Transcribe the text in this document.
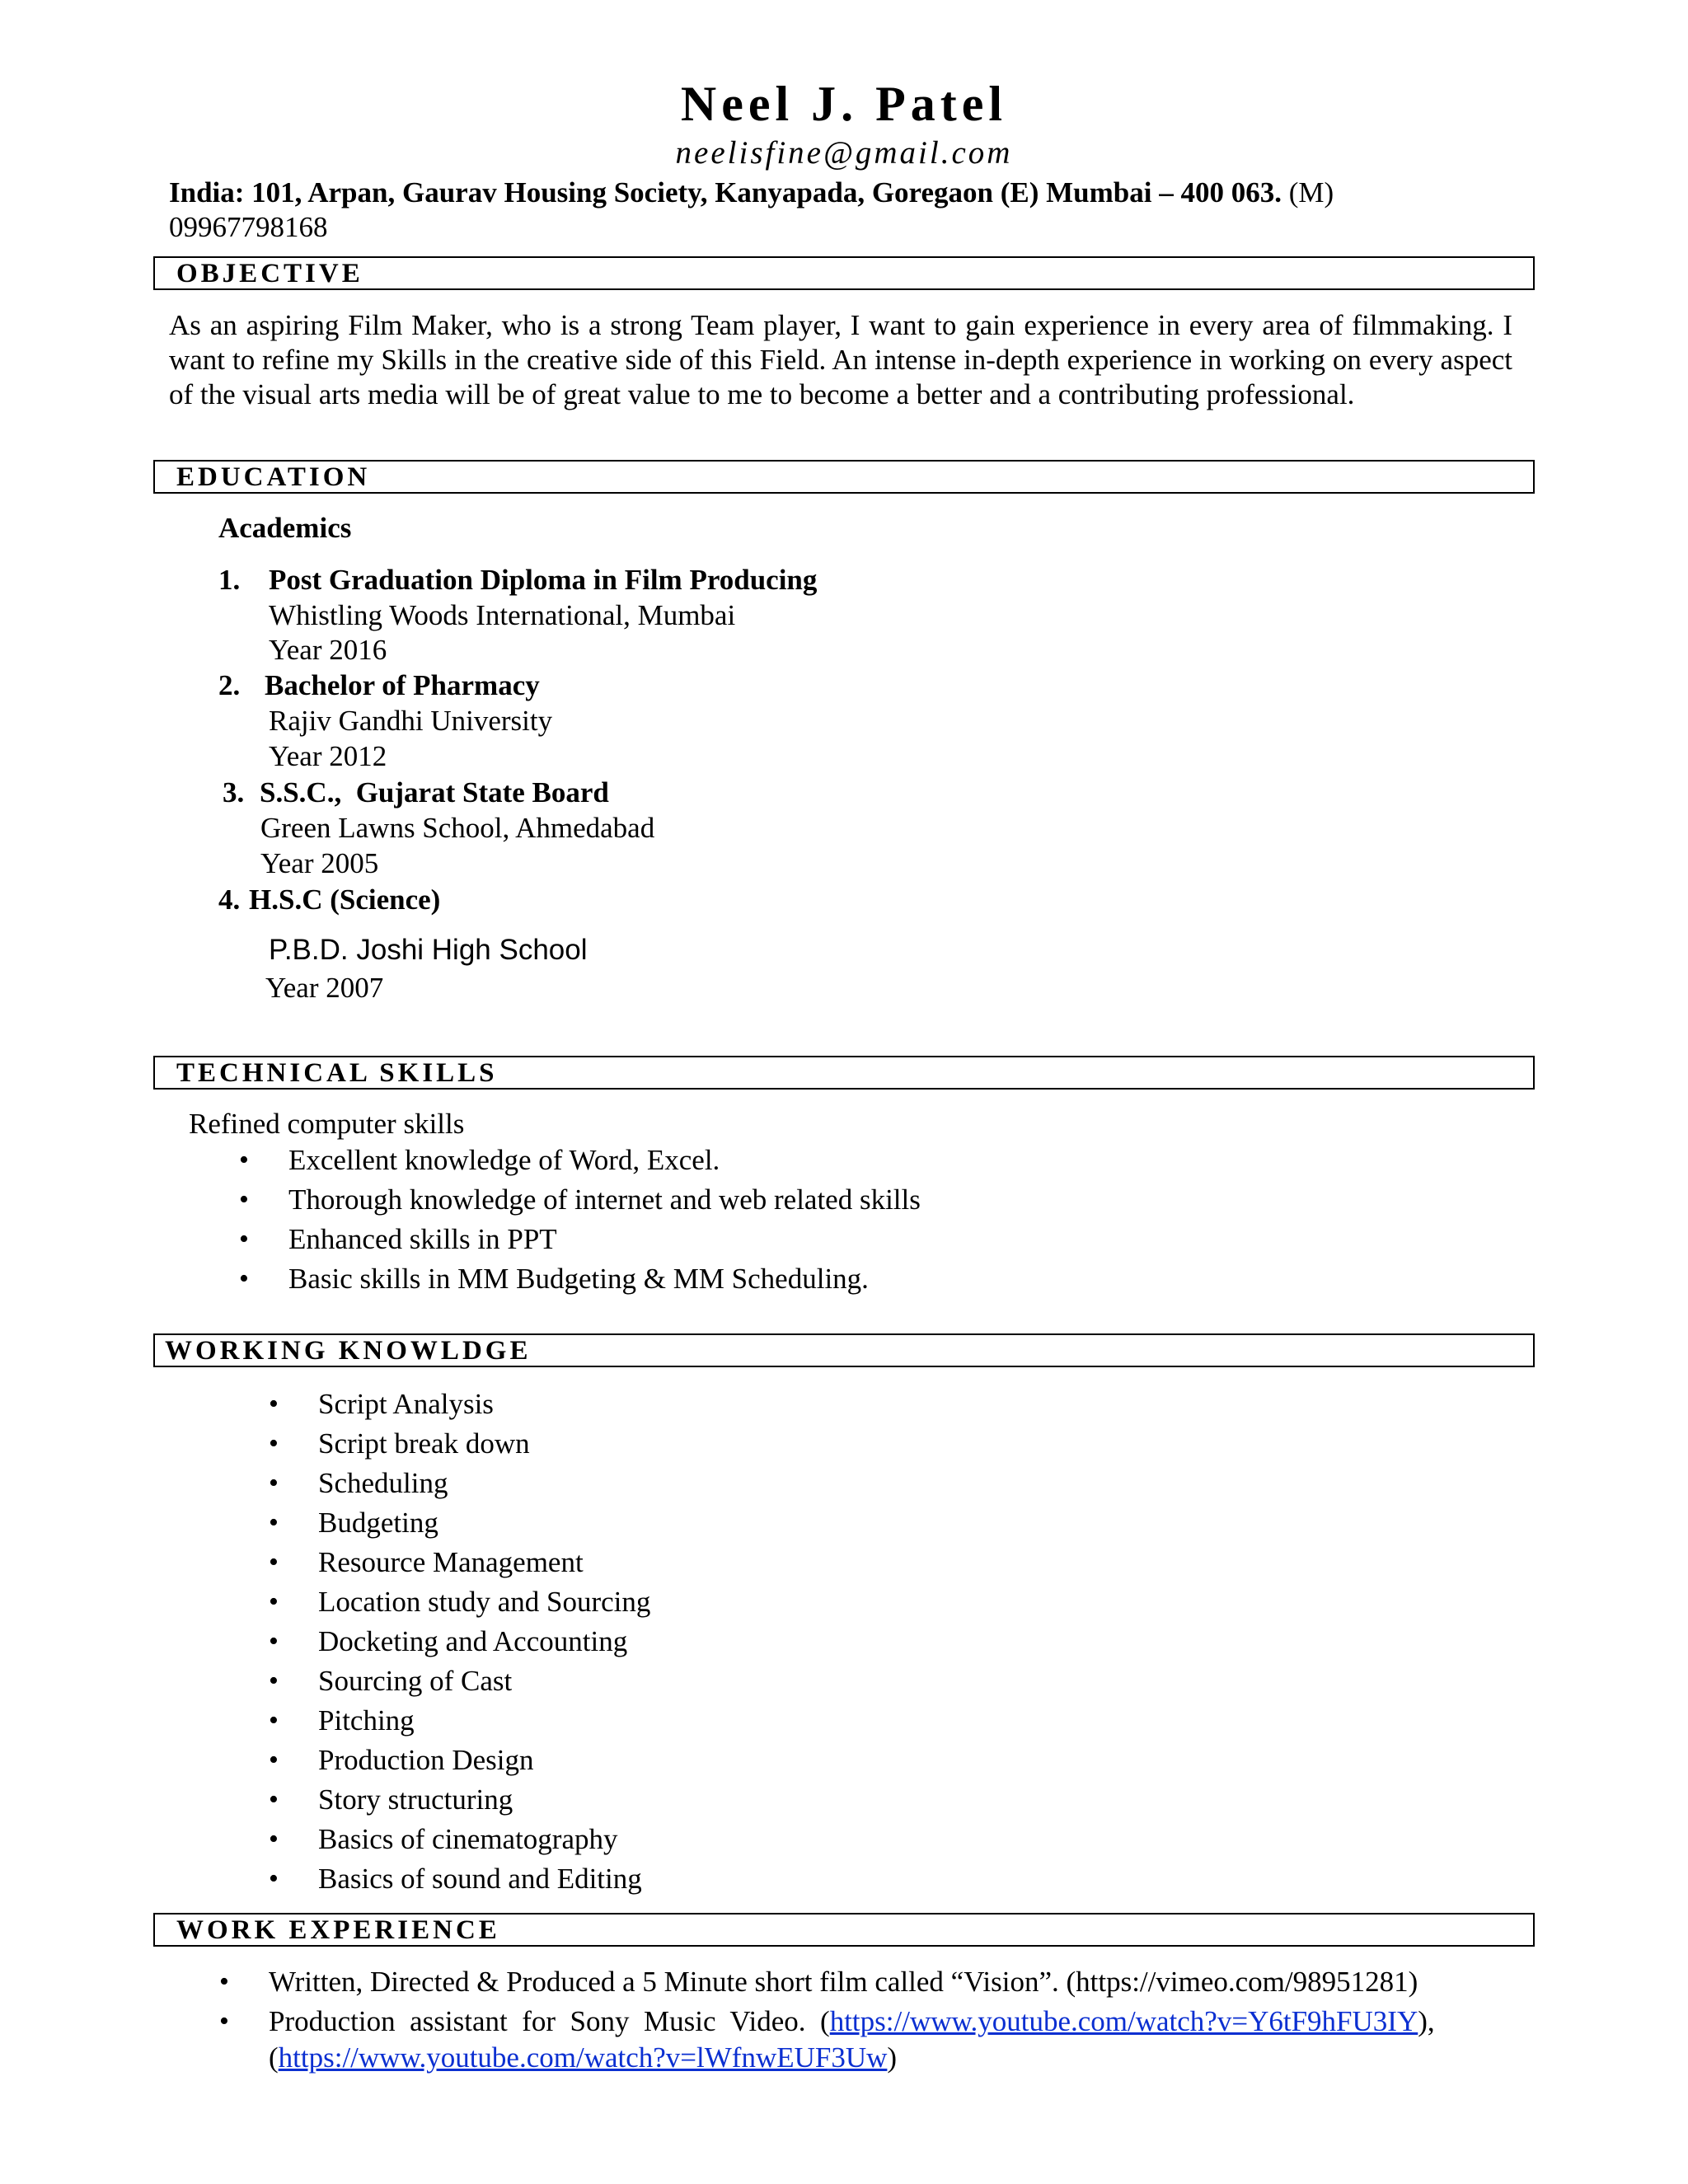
Neel J. Patel
neelisfine@gmail.com
India: 101, Arpan, Gaurav Housing Society, Kanyapada, Goregaon (E) Mumbai – 400 063. (M)
09967798168
OBJECTIVE

As an aspiring Film Maker, who is a strong Team player, I want to gain experience in every area of filmmaking. I want to refine my Skills in the creative side of this Field. An intense in-depth experience in working on every aspect of the visual arts media will be of great value to me to become a better and a contributing professional.

EDUCATION
Academics
1. Post Graduation Diploma in Film Producing
Whistling Woods International, Mumbai
Year 2016
2. Bachelor of Pharmacy
Rajiv Gandhi University
Year 2012
3. S.S.C.,  Gujarat State Board
Green Lawns School, Ahmedabad
Year 2005
4. H.S.C (Science)
P.B.D. Joshi High School
Year 2007
TECHNICAL SKILLS
Refined computer skills
• Excellent knowledge of Word, Excel.
• Thorough knowledge of internet and web related skills
• Enhanced skills in PPT
• Basic skills in MM Budgeting & MM Scheduling.
WORKING KNOWLDGE
• Script Analysis
• Script break down
• Scheduling
• Budgeting
• Resource Management
• Location study and Sourcing
• Docketing and Accounting
• Sourcing of Cast
• Pitching
• Production Design
• Story structuring
• Basics of cinematography
• Basics of sound and Editing
WORK EXPERIENCE
• Written, Directed & Produced a 5 Minute short film called “Vision”. (https://vimeo.com/98951281)
• Production  assistant  for  Sony  Music  Video.  (https://www.youtube.com/watch?v=Y6tF9hFU3IY),
(https://www.youtube.com/watch?v=lWfnwEUF3Uw)
